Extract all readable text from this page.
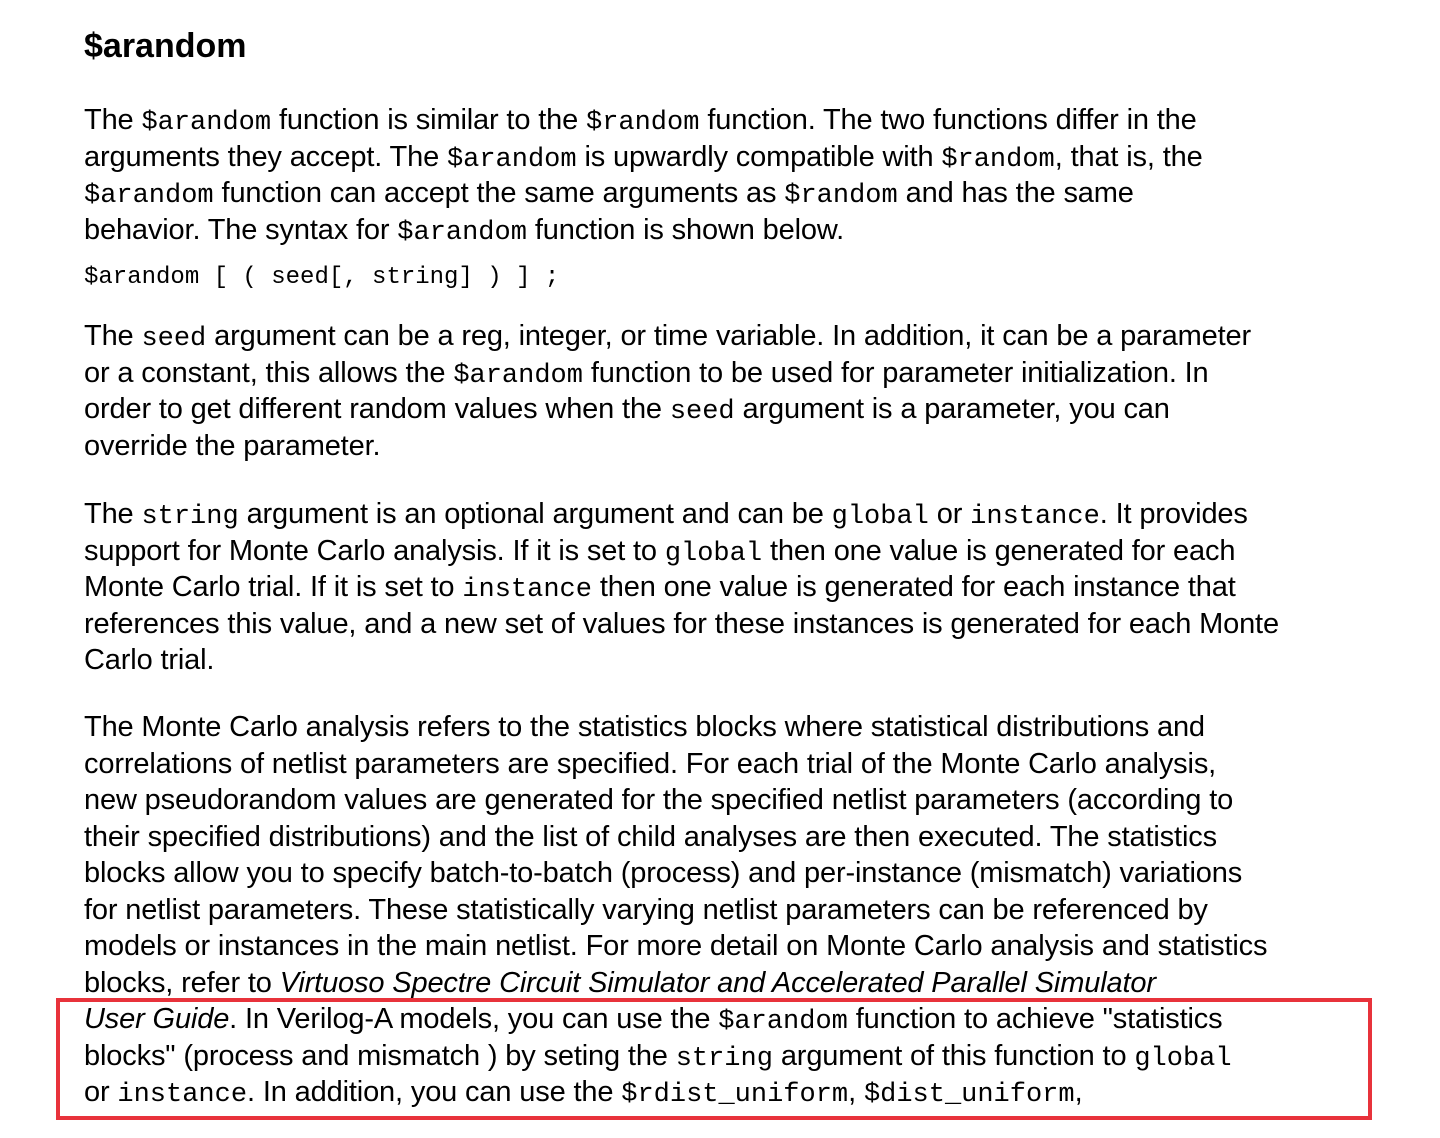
$arandom
The $arandom function is similar to the $random function. The two functions differ in the
arguments they accept. The $arandom is upwardly compatible with $random, that is, the
$arandom function can accept the same arguments as $random and has the same
behavior. The syntax for $arandom function is shown below.
$arandom [ ( seed[, string] ) ] ;
The seed argument can be a reg, integer, or time variable. In addition, it can be a parameter
or a constant, this allows the $arandom function to be used for parameter initialization. In
order to get different random values when the seed argument is a parameter, you can
override the parameter.
The string argument is an optional argument and can be global or instance. It provides
support for Monte Carlo analysis. If it is set to global then one value is generated for each
Monte Carlo trial. If it is set to instance then one value is generated for each instance that
references this value, and a new set of values for these instances is generated for each Monte
Carlo trial.
The Monte Carlo analysis refers to the statistics blocks where statistical distributions and
correlations of netlist parameters are specified. For each trial of the Monte Carlo analysis,
new pseudorandom values are generated for the specified netlist parameters (according to
their specified distributions) and the list of child analyses are then executed. The statistics
blocks allow you to specify batch-to-batch (process) and per-instance (mismatch) variations
for netlist parameters. These statistically varying netlist parameters can be referenced by
models or instances in the main netlist. For more detail on Monte Carlo analysis and statistics
blocks, refer to Virtuoso Spectre Circuit Simulator and Accelerated Parallel Simulator
User Guide. In Verilog-A models, you can use the $arandom function to achieve "statistics
blocks" (process and mismatch ) by seting the string argument of this function to global
or instance. In addition, you can use the $rdist_uniform, $dist_uniform,
